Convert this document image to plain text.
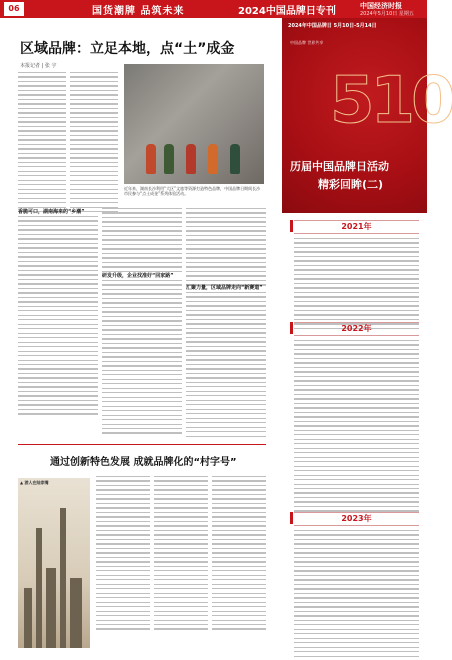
06	国货潮牌 品筑未来	2024中国品牌日专刊
中国经济时报
2024年5月10日 星期五
区域品牌：立足本地，点“土”成金
本报记者 | 张 宇
近年来，湖南长沙利用“大区”文旅等资源打造特色品牌，中国品牌日期间长沙市民参与“点土成金”系列体验活动。
香脆可口，湖南海来的“乡潮”
研发升级，企业找准好“回家路”
汇聚力量，区域品牌走向“新赛道”
通过创新特色发展 成就品牌化的“村字号”
▲ 游人在陆家嘴
2024年中国品牌日 5月10日-5月14日
中国品牌 世界共享
510
历届中国品牌日活动
精彩回眸(二)
2021年
2022年
2023年
